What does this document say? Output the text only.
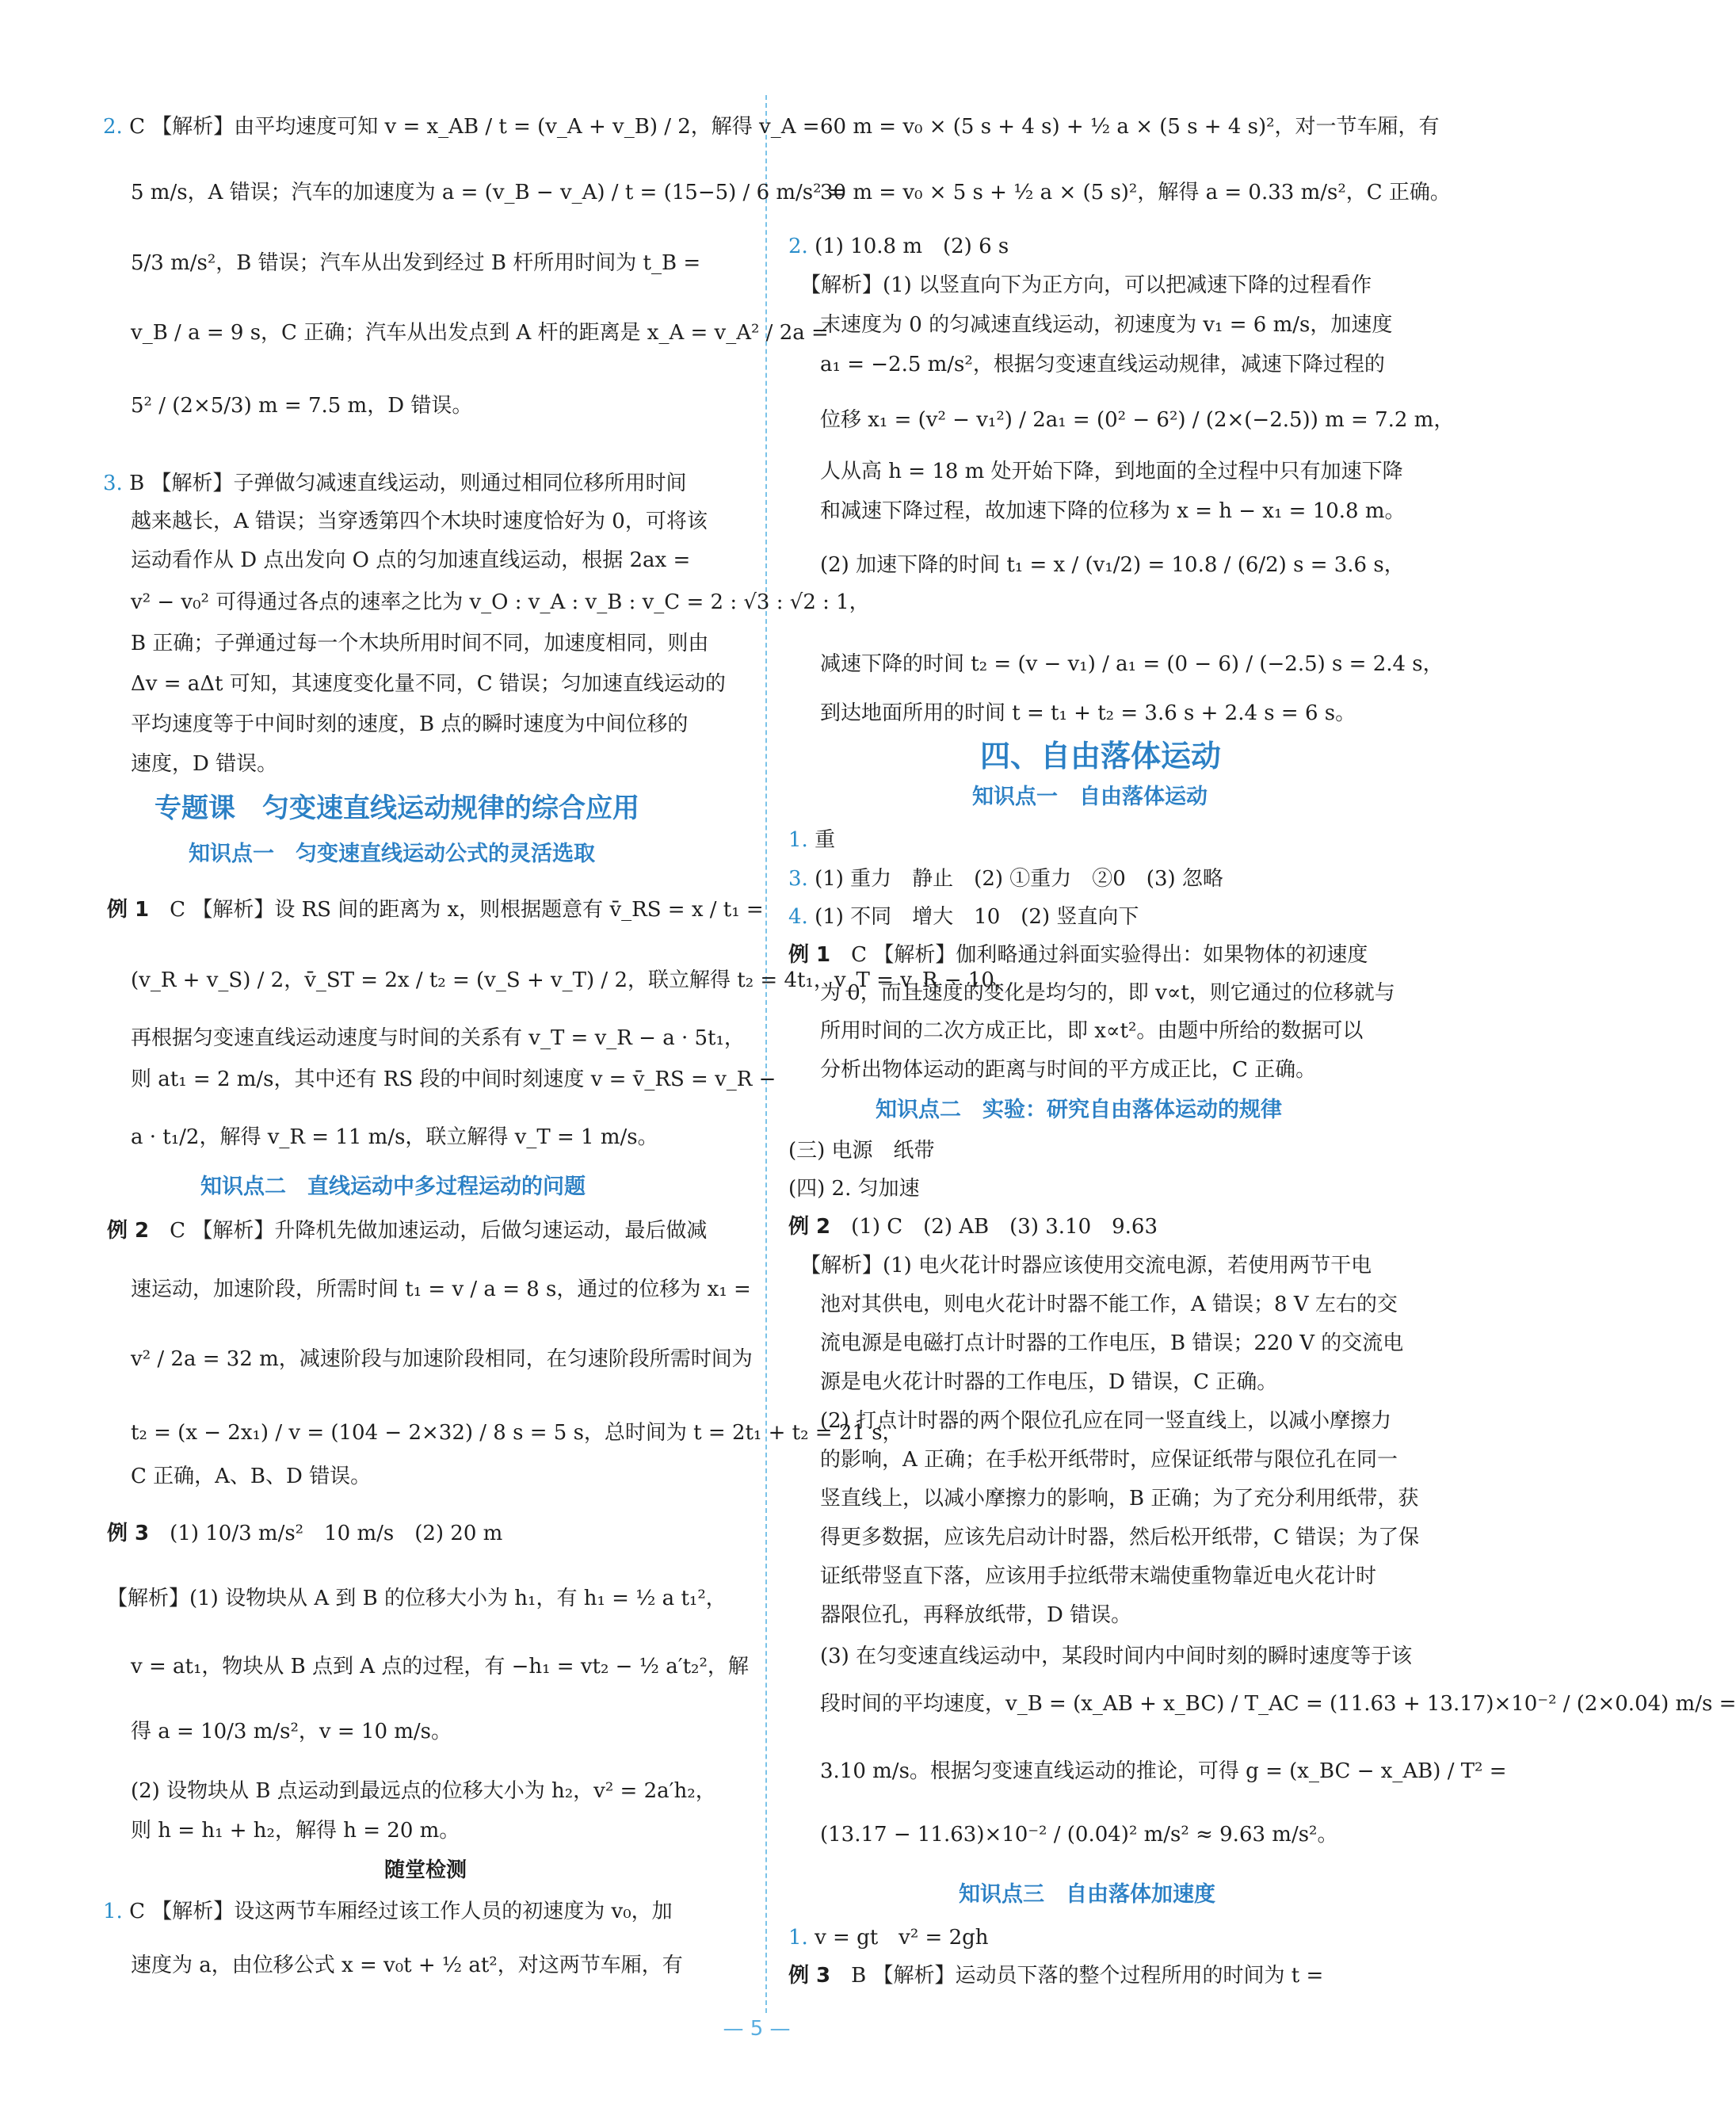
2. C 【解析】由平均速度可知 v = x_AB / t = (v_A + v_B) / 2，解得 v_A =
5 m/s，A 错误；汽车的加速度为 a = (v_B − v_A) / t = (15−5) / 6 m/s² =
5/3 m/s²，B 错误；汽车从出发到经过 B 杆所用时间为 t_B =
v_B / a = 9 s，C 正确；汽车从出发点到 A 杆的距离是 x_A = v_A² / 2a =
5² / (2×5/3) m = 7.5 m，D 错误。
3. B 【解析】子弹做匀减速直线运动，则通过相同位移所用时间
越来越长，A 错误；当穿透第四个木块时速度恰好为 0，可将该
运动看作从 D 点出发向 O 点的匀加速直线运动，根据 2ax =
v² − v₀² 可得通过各点的速率之比为 v_O : v_A : v_B : v_C = 2 : √3 : √2 : 1，
B 正确；子弹通过每一个木块所用时间不同，加速度相同，则由
Δv = aΔt 可知，其速度变化量不同，C 错误；匀加速直线运动的
平均速度等于中间时刻的速度，B 点的瞬时速度为中间位移的
速度，D 错误。
专题课　匀变速直线运动规律的综合应用
知识点一　匀变速直线运动公式的灵活选取
例 1　 C 【解析】设 RS 间的距离为 x，则根据题意有 v̄_RS = x / t₁ =
(v_R + v_S) / 2，v̄_ST = 2x / t₂ = (v_S + v_T) / 2，联立解得 t₂ = 4t₁，v_T = v_R − 10，
再根据匀变速直线运动速度与时间的关系有 v_T = v_R − a · 5t₁，
则 at₁ = 2 m/s，其中还有 RS 段的中间时刻速度 v = v̄_RS = v_R −
a · t₁/2，解得 v_R = 11 m/s，联立解得 v_T = 1 m/s。
知识点二　直线运动中多过程运动的问题
例 2　 C 【解析】升降机先做加速运动，后做匀速运动，最后做减
速运动，加速阶段，所需时间 t₁ = v / a = 8 s，通过的位移为 x₁ =
v² / 2a = 32 m，减速阶段与加速阶段相同，在匀速阶段所需时间为
t₂ = (x − 2x₁) / v = (104 − 2×32) / 8 s = 5 s，总时间为 t = 2t₁ + t₂ = 21 s，
C 正确，A、B、D 错误。
例 3　 (1) 10/3 m/s²　10 m/s　(2) 20 m
【解析】(1) 设物块从 A 到 B 的位移大小为 h₁，有 h₁ = ½ a t₁²，
v = at₁，物块从 B 点到 A 点的过程，有 −h₁ = vt₂ − ½ a′t₂²，解
得 a = 10/3 m/s²，v = 10 m/s。
(2) 设物块从 B 点运动到最远点的位移大小为 h₂，v² = 2a′h₂，
则 h = h₁ + h₂，解得 h = 20 m。
随堂检测
1. C 【解析】设这两节车厢经过该工作人员的初速度为 v₀，加
速度为 a，由位移公式 x = v₀t + ½ at²，对这两节车厢，有
60 m = v₀ × (5 s + 4 s) + ½ a × (5 s + 4 s)²，对一节车厢，有
30 m = v₀ × 5 s + ½ a × (5 s)²，解得 a = 0.33 m/s²，C 正确。
2. (1) 10.8 m　(2) 6 s
【解析】(1) 以竖直向下为正方向，可以把减速下降的过程看作
末速度为 0 的匀减速直线运动，初速度为 v₁ = 6 m/s，加速度
a₁ = −2.5 m/s²，根据匀变速直线运动规律，减速下降过程的
位移 x₁ = (v² − v₁²) / 2a₁ = (0² − 6²) / (2×(−2.5)) m = 7.2 m，
人从高 h = 18 m 处开始下降，到地面的全过程中只有加速下降
和减速下降过程，故加速下降的位移为 x = h − x₁ = 10.8 m。
(2) 加速下降的时间 t₁ = x / (v₁/2) = 10.8 / (6/2) s = 3.6 s，
减速下降的时间 t₂ = (v − v₁) / a₁ = (0 − 6) / (−2.5) s = 2.4 s，
到达地面所用的时间 t = t₁ + t₂ = 3.6 s + 2.4 s = 6 s。
四、自由落体运动
知识点一　自由落体运动
1. 重
3. (1) 重力　静止　(2) ①重力　②0　(3) 忽略
4. (1) 不同　增大　10　(2) 竖直向下
例 1　 C 【解析】伽利略通过斜面实验得出：如果物体的初速度
为 0，而且速度的变化是均匀的，即 v∝t，则它通过的位移就与
所用时间的二次方成正比，即 x∝t²。由题中所给的数据可以
分析出物体运动的距离与时间的平方成正比，C 正确。
知识点二　实验：研究自由落体运动的规律
(三) 电源　纸带
(四) 2. 匀加速
例 2　 (1) C　(2) AB　(3) 3.10　9.63
【解析】(1) 电火花计时器应该使用交流电源，若使用两节干电
池对其供电，则电火花计时器不能工作，A 错误；8 V 左右的交
流电源是电磁打点计时器的工作电压，B 错误；220 V 的交流电
源是电火花计时器的工作电压，D 错误，C 正确。
(2) 打点计时器的两个限位孔应在同一竖直线上，以减小摩擦力
的影响，A 正确；在手松开纸带时，应保证纸带与限位孔在同一
竖直线上，以减小摩擦力的影响，B 正确；为了充分利用纸带，获
得更多数据，应该先启动计时器，然后松开纸带，C 错误；为了保
证纸带竖直下落，应该用手拉纸带末端使重物靠近电火花计时
器限位孔，再释放纸带，D 错误。
(3) 在匀变速直线运动中，某段时间内中间时刻的瞬时速度等于该
段时间的平均速度，v_B = (x_AB + x_BC) / T_AC = (11.63 + 13.17)×10⁻² / (2×0.04) m/s =
3.10 m/s。根据匀变速直线运动的推论，可得 g = (x_BC − x_AB) / T² =
(13.17 − 11.63)×10⁻² / (0.04)² m/s² ≈ 9.63 m/s²。
知识点三　自由落体加速度
1. v = gt　v² = 2gh
例 3　 B 【解析】运动员下落的整个过程所用的时间为 t =
— 5 —
